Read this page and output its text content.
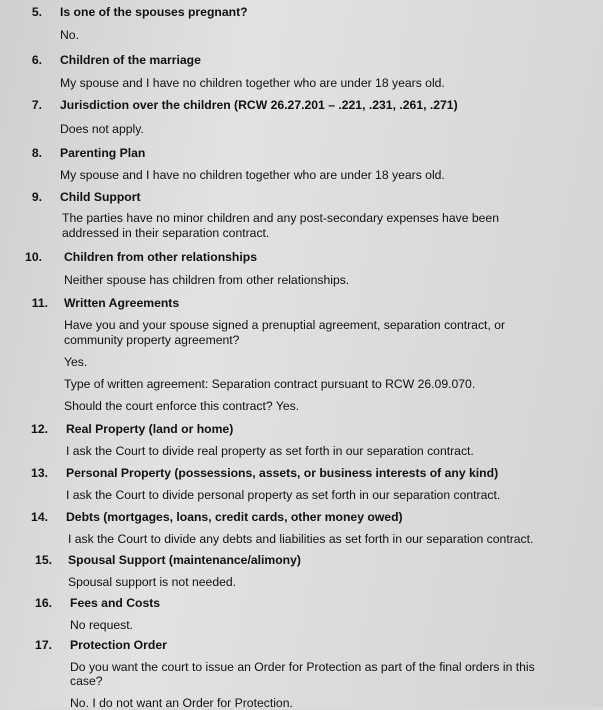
5. Is one of the spouses pregnant?
No.
6. Children of the marriage
My spouse and I have no children together who are under 18 years old.
7. Jurisdiction over the children (RCW 26.27.201 – .221, .231, .261, .271)
Does not apply.
8. Parenting Plan
My spouse and I have no children together who are under 18 years old.
9. Child Support
The parties have no minor children and any post-secondary expenses have been
addressed in their separation contract.
10. Children from other relationships
Neither spouse has children from other relationships.
11. Written Agreements
Have you and your spouse signed a prenuptial agreement, separation contract, or
community property agreement?
Yes.
Type of written agreement: Separation contract pursuant to RCW 26.09.070.
Should the court enforce this contract? Yes.
12. Real Property (land or home)
I ask the Court to divide real property as set forth in our separation contract.
13. Personal Property (possessions, assets, or business interests of any kind)
I ask the Court to divide personal property as set forth in our separation contract.
14. Debts (mortgages, loans, credit cards, other money owed)
I ask the Court to divide any debts and liabilities as set forth in our separation contract.
15. Spousal Support (maintenance/alimony)
Spousal support is not needed.
16. Fees and Costs
No request.
17. Protection Order
Do you want the court to issue an Order for Protection as part of the final orders in this
case?
No. I do not want an Order for Protection.
